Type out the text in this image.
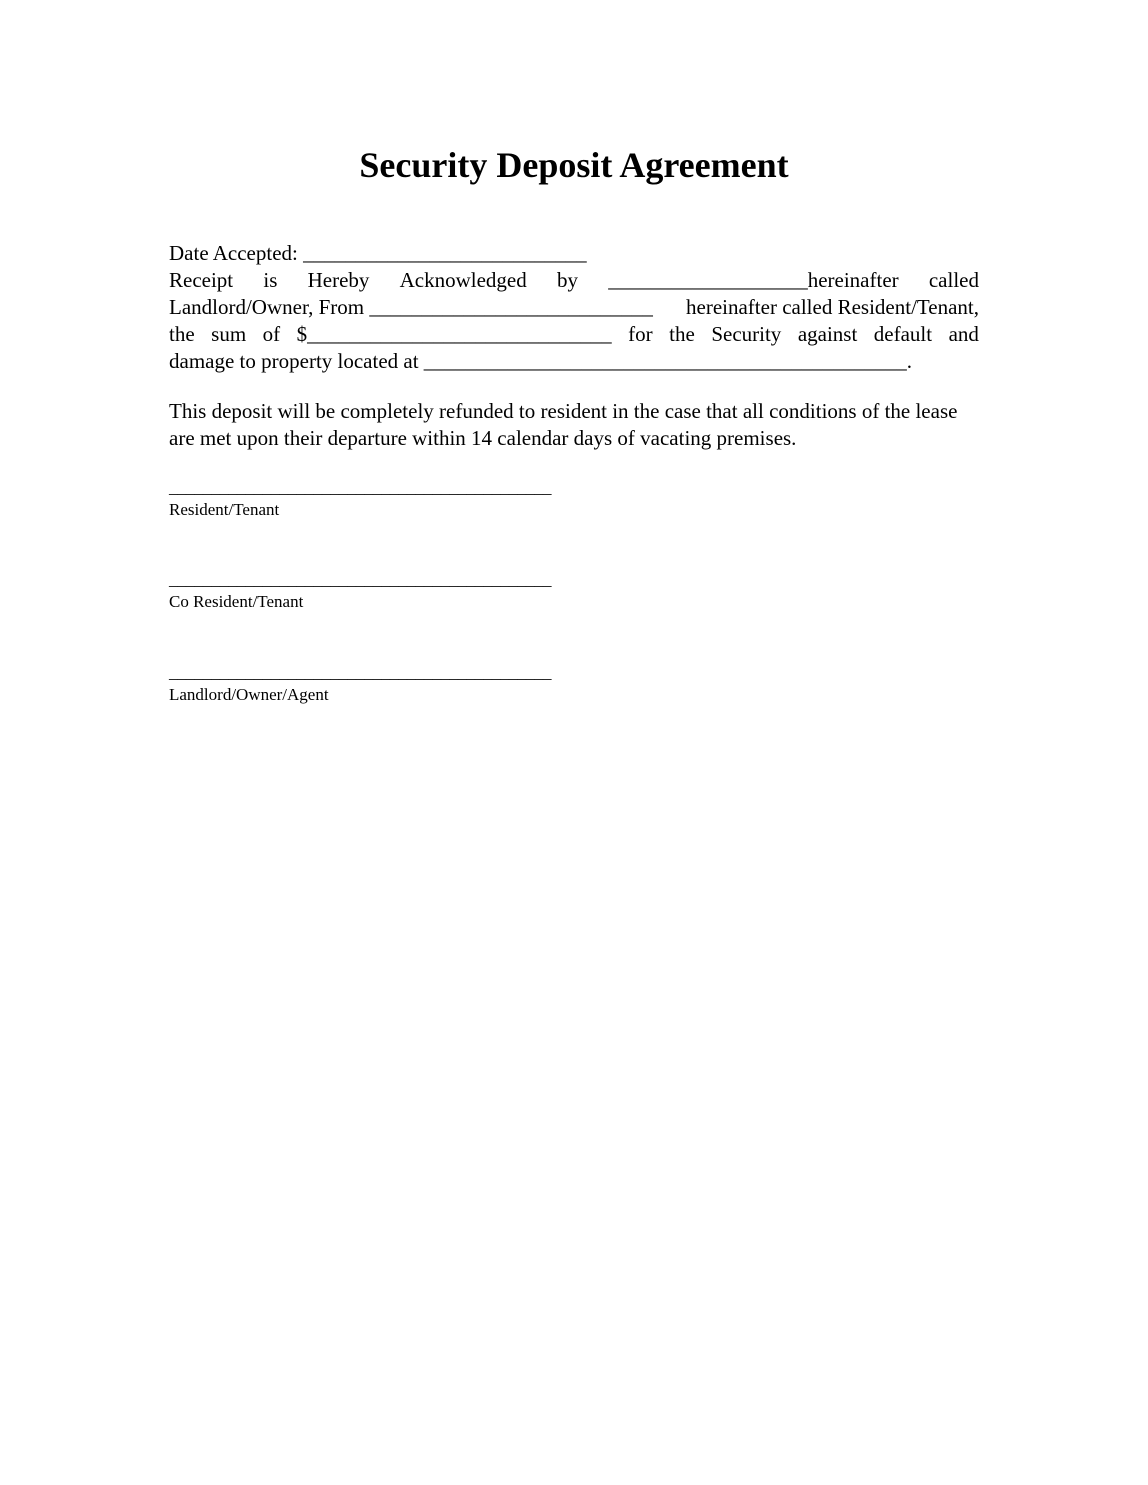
Security Deposit Agreement
Date Accepted: ___________________________
Receipt is Hereby Acknowledged by ___________________hereinafter called
Landlord/Owner, From ___________________________ hereinafter called Resident/Tenant,
the sum of $_____________________________ for the Security against default and
damage to property located at ______________________________________________.
This deposit will be completely refunded to resident in the case that all conditions of the lease are met upon their departure within 14 calendar days of vacating premises.
_____________________________________________
Resident/Tenant
_____________________________________________
Co Resident/Tenant
_____________________________________________
Landlord/Owner/Agent
